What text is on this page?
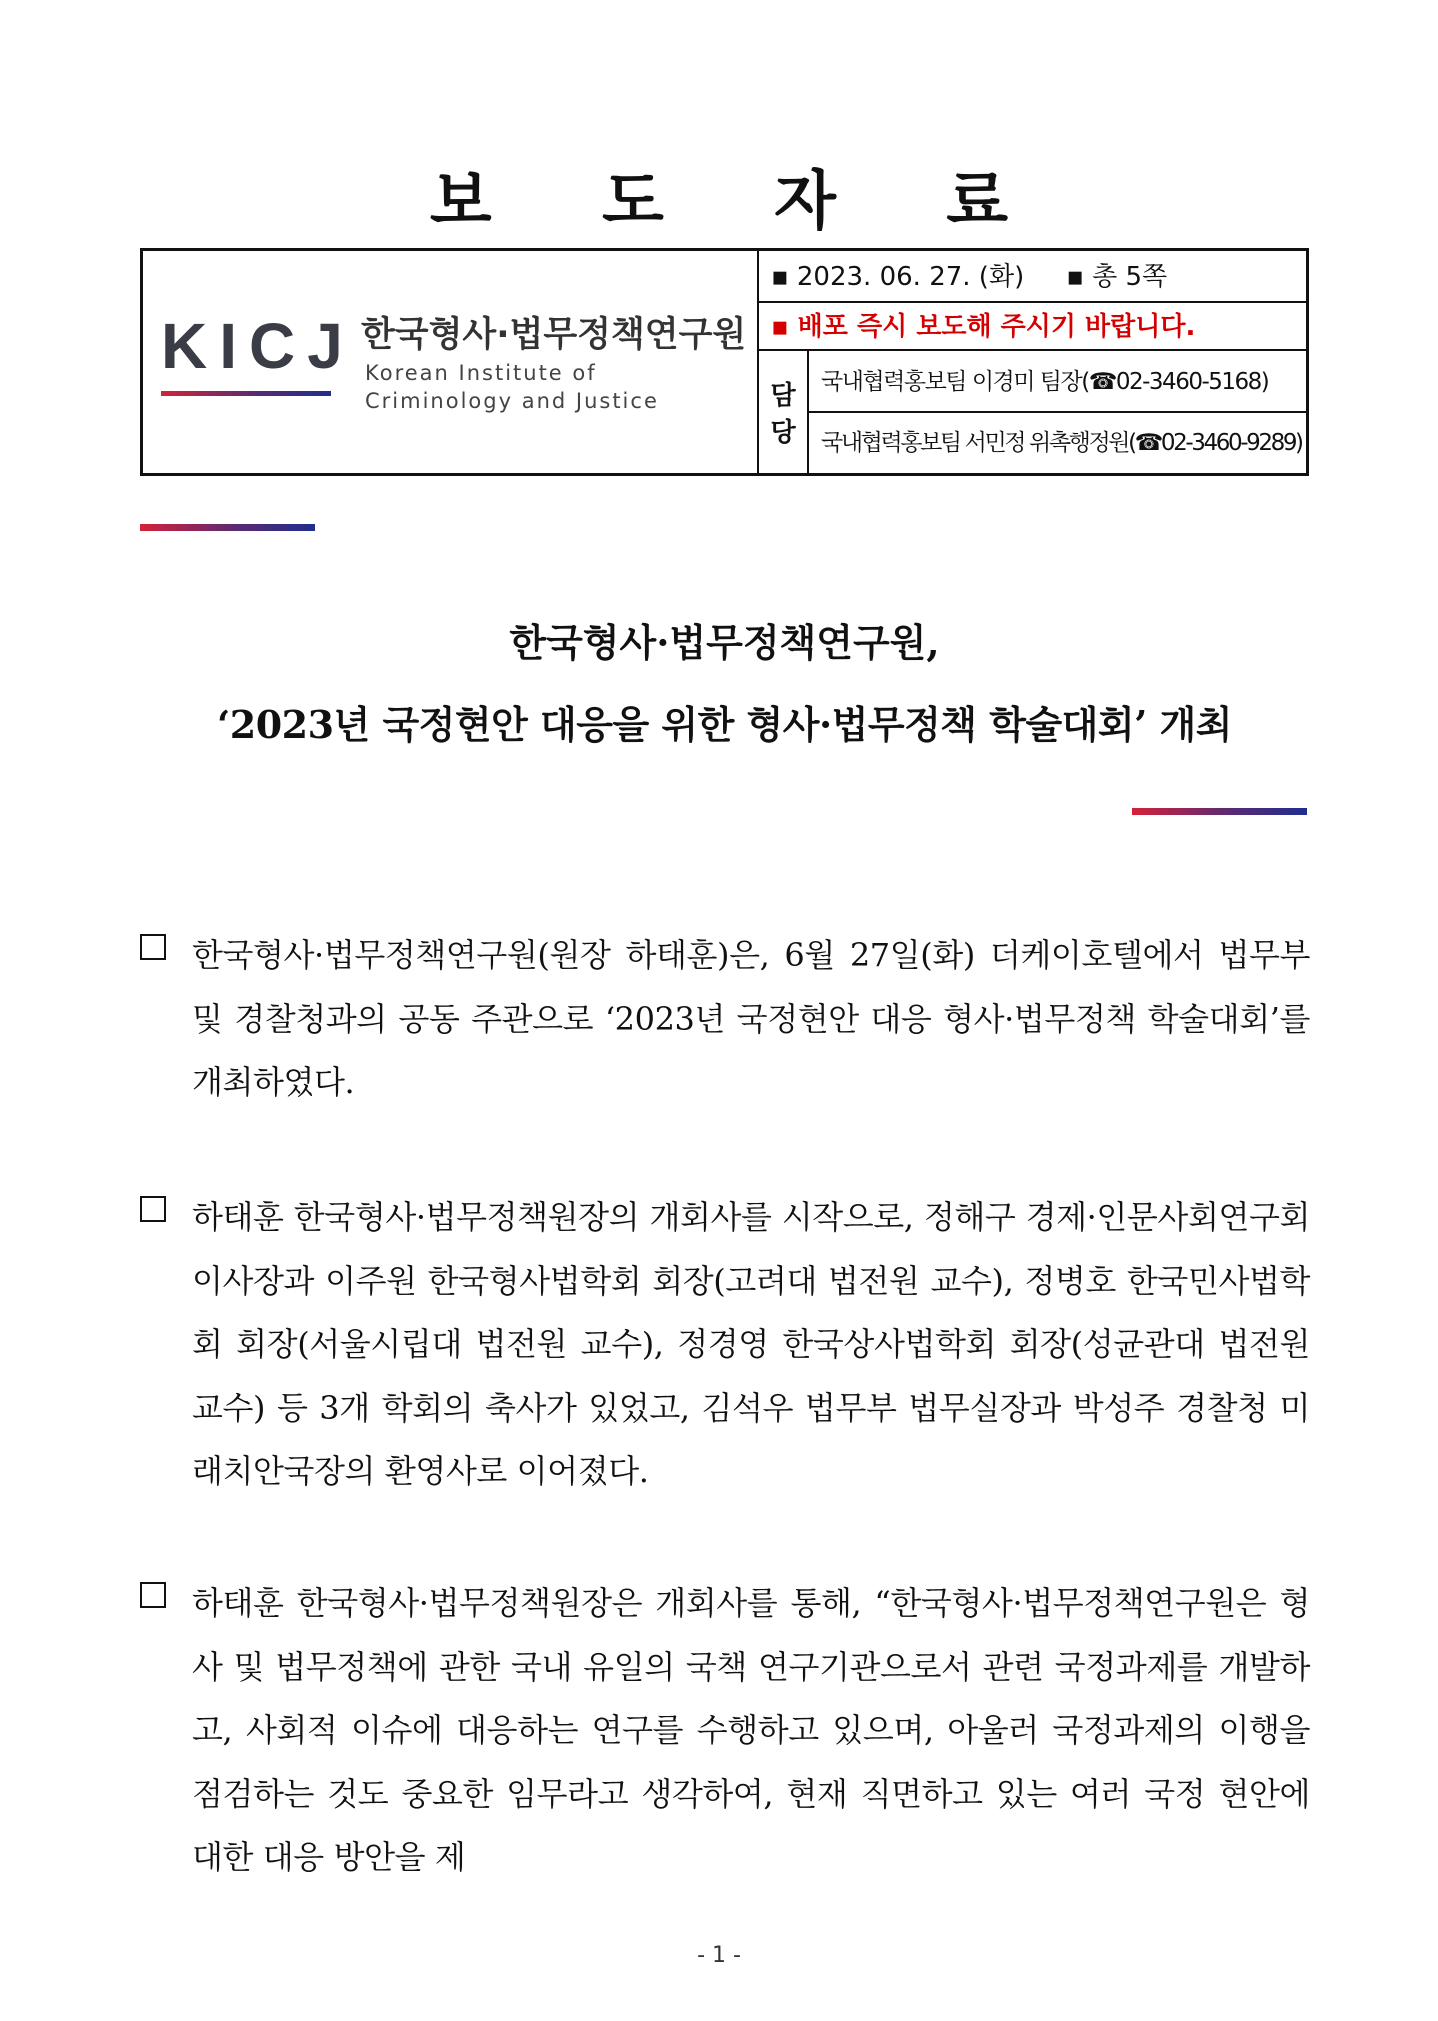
보 도 자 료
KICJ 한국형사·법무정책연구원
Korean Institute of
Criminology and Justice
▪ 2023. 06. 27. (화) ▪ 총 5쪽
▪ 배포 즉시 보도해 주시기 바랍니다.
담
당
국내협력홍보팀 이경미 팀장(☎02-3460-5168)
국내협력홍보팀 서민정 위촉행정원(☎02-3460-9289)
한국형사·법무정책연구원,
‘2023년 국정현안 대응을 위한 형사·법무정책 학술대회’ 개최

한국형사·법무정책연구원(원장 하태훈)은, 6월 27일(화) 더케이호텔에서 법무부 및 경찰청과의 공동 주관으로 ‘2023년 국정현안 대응 형사·법무정책 학술대회’를 개최하였다.

하태훈 한국형사·법무정책원장의 개회사를 시작으로, 정해구 경제·인문사회연구회 이사장과 이주원 한국형사법학회 회장(고려대 법전원 교수), 정병호 한국민사법학회 회장(서울시립대 법전원 교수), 정경영 한국상사법학회 회장(성균관대 법전원 교수) 등 3개 학회의 축사가 있었고, 김석우 법무부 법무실장과 박성주 경찰청 미래치안국장의 환영사로 이어졌다.

하태훈 한국형사·법무정책원장은 개회사를 통해, “한국형사·법무정책연구원은 형사 및 법무정책에 관한 국내 유일의 국책 연구기관으로서 관련 국정과제를 개발하고, 사회적 이슈에 대응하는 연구를 수행하고 있으며, 아울러 국정과제의 이행을 점검하는 것도 중요한 임무라고 생각하여, 현재 직면하고 있는 여러 국정 현안에 대한 대응 방안을 제

- 1 -
